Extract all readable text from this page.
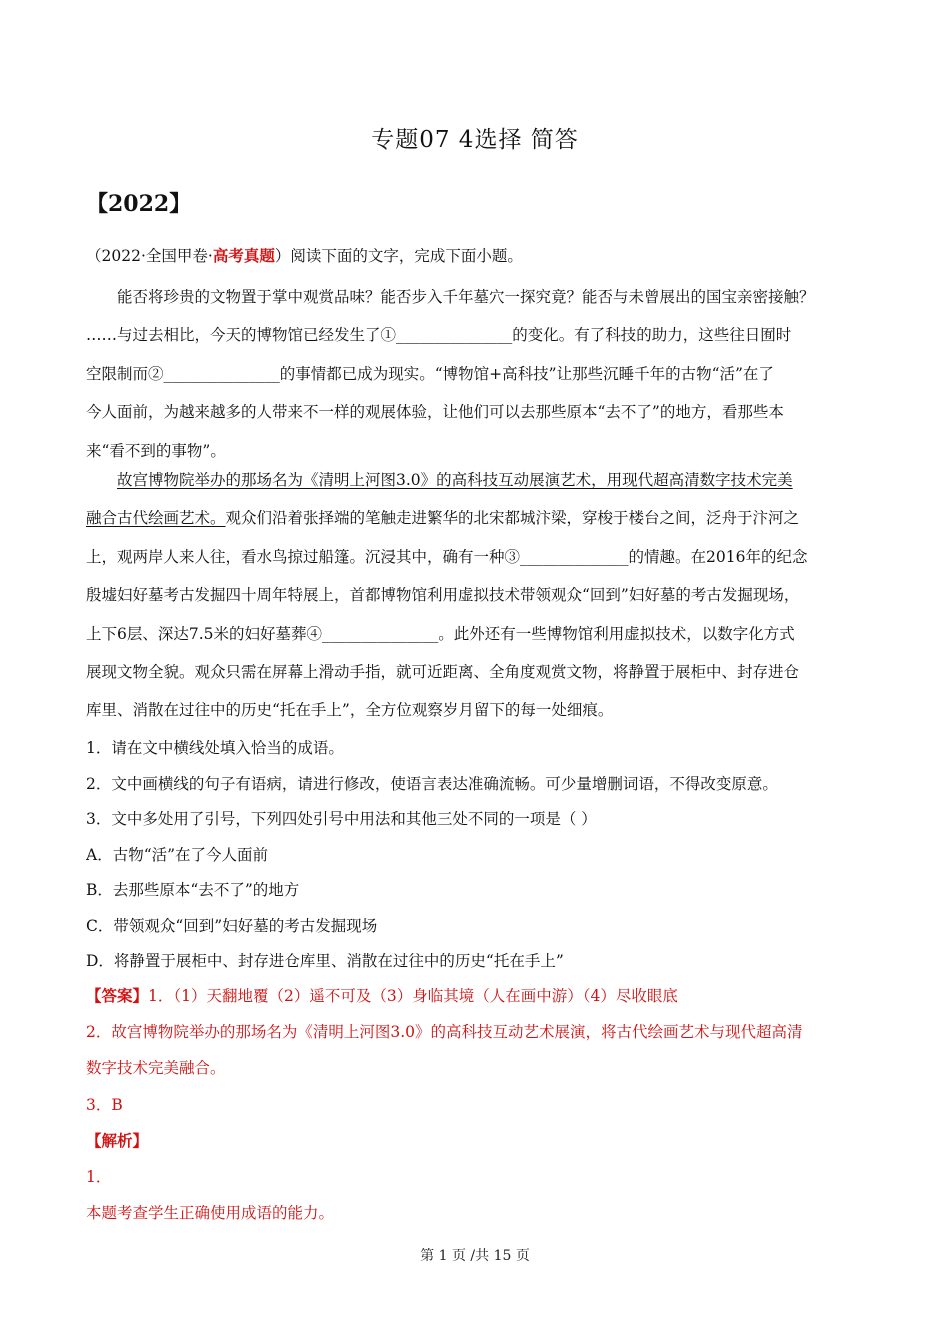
专题07 4选择 简答
【2022】
（2022·全国甲卷·高考真题）阅读下面的文字，完成下面小题。
能否将珍贵的文物置于掌中观赏品味？能否步入千年墓穴一探究竟？能否与未曾展出的国宝亲密接触？
……与过去相比，今天的博物馆已经发生了①_______________的变化。有了科技的助力，这些往日囿时
空限制而②_______________的事情都已成为现实。“博物馆+高科技”让那些沉睡千年的古物“活”在了
今人面前，为越来越多的人带来不一样的观展体验，让他们可以去那些原本“去不了”的地方，看那些本
来“看不到的事物”。
故宫博物院举办的那场名为《清明上河图3.0》的高科技互动展演艺术，用现代超高清数字技术完美
融合古代绘画艺术。观众们沿着张择端的笔触走进繁华的北宋都城汴梁，穿梭于楼台之间，泛舟于汴河之
上，观两岸人来人往，看水鸟掠过船篷。沉浸其中，确有一种③______________的情趣。在2016年的纪念
殷墟妇好墓考古发掘四十周年特展上，首都博物馆利用虚拟技术带领观众“回到”妇好墓的考古发掘现场，
上下6层、深达7.5米的妇好墓葬④_______________。此外还有一些博物馆利用虚拟技术，以数字化方式
展现文物全貌。观众只需在屏幕上滑动手指，就可近距离、全角度观赏文物，将静置于展柜中、封存进仓
库里、消散在过往中的历史“托在手上”，全方位观察岁月留下的每一处细痕。
1．请在文中横线处填入恰当的成语。
2．文中画横线的句子有语病，请进行修改，使语言表达准确流畅。可少量增删词语，不得改变原意。
3．文中多处用了引号，下列四处引号中用法和其他三处不同的一项是（ ）
A．古物“活”在了今人面前
B．去那些原本“去不了”的地方
C．带领观众“回到”妇好墓的考古发掘现场
D．将静置于展柜中、封存进仓库里、消散在过往中的历史“托在手上”
【答案】1．（1）天翻地覆（2）遥不可及（3）身临其境（人在画中游）（4）尽收眼底
2．故宫博物院举办的那场名为《清明上河图3.0》的高科技互动艺术展演，将古代绘画艺术与现代超高清
数字技术完美融合。
3．B
【解析】
1．
本题考查学生正确使用成语的能力。
第 1 页 /共 15 页
